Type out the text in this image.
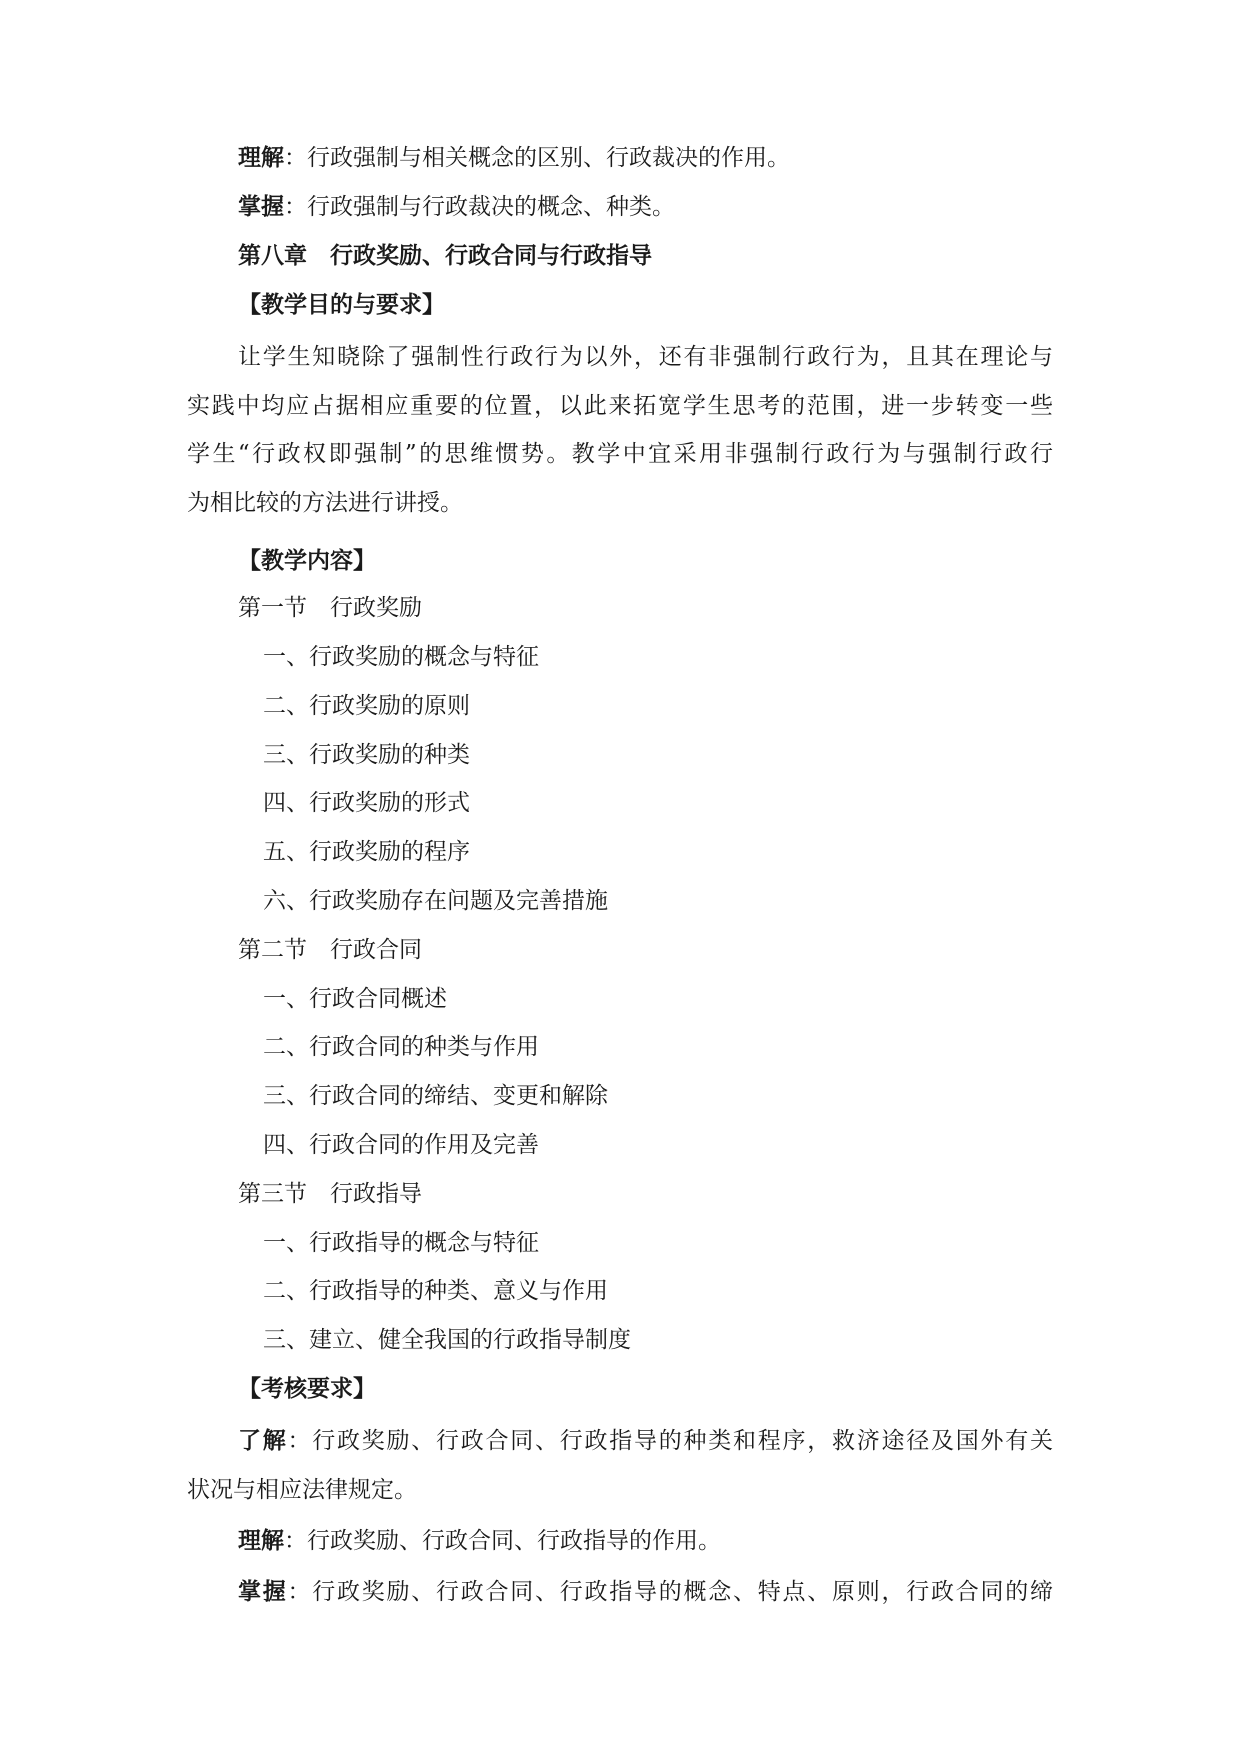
理解：行政强制与相关概念的区别、行政裁决的作用。
掌握：行政强制与行政裁决的概念、种类。
第八章　行政奖励、行政合同与行政指导
【教学目的与要求】
让学生知晓除了强制性行政行为以外，还有非强制行政行为，且其在理论与
实践中均应占据相应重要的位置，以此来拓宽学生思考的范围，进一步转变一些
学生“行政权即强制”的思维惯势。教学中宜采用非强制行政行为与强制行政行
为相比较的方法进行讲授。
【教学内容】
第一节　行政奖励
一、行政奖励的概念与特征
二、行政奖励的原则
三、行政奖励的种类
四、行政奖励的形式
五、行政奖励的程序
六、行政奖励存在问题及完善措施
第二节　行政合同
一、行政合同概述
二、行政合同的种类与作用
三、行政合同的缔结、变更和解除
四、行政合同的作用及完善
第三节　行政指导
一、行政指导的概念与特征
二、行政指导的种类、意义与作用
三、建立、健全我国的行政指导制度
【考核要求】
了解：行政奖励、行政合同、行政指导的种类和程序，救济途径及国外有关
状况与相应法律规定。
理解：行政奖励、行政合同、行政指导的作用。
掌握：行政奖励、行政合同、行政指导的概念、特点、原则，行政合同的缔
